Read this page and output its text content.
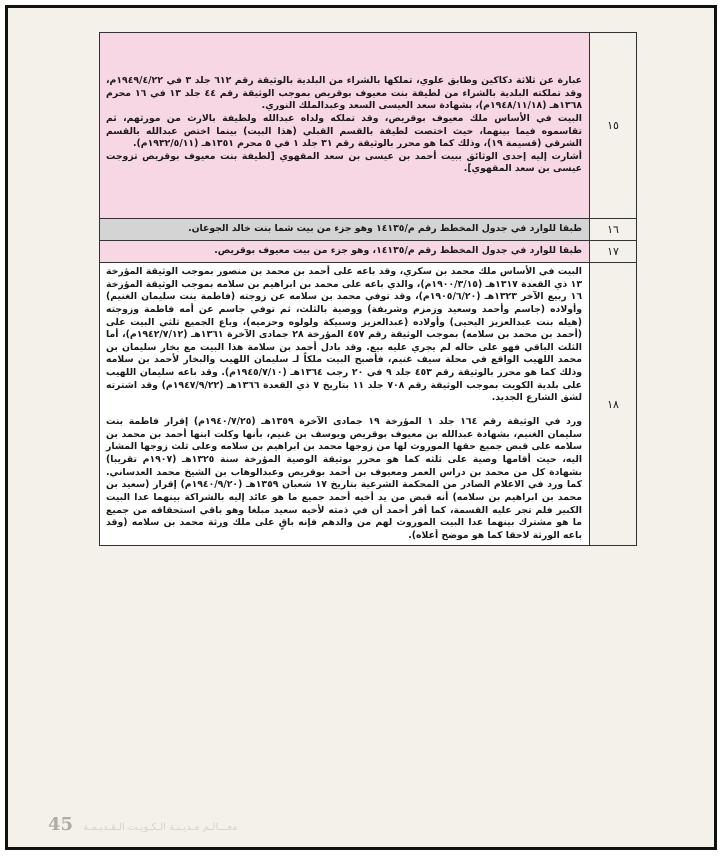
١٥	عبارة عن ثلاثة دكاكين وطابق علوي، تملكها بالشراء من البلدية بالوثيقة رقم ٦١٢ جلد ٣ في ١٩٤٩/٤/٢٢م، وقد تملكته البلدية بالشراء من لطيفة بنت معيوف بوقريص بموجب الوثيقة رقم ٤٤ جلد ١٣ في ١٦ محرم ١٣٦٨هـ (١٩٤٨/١١/١٨م)، بشهادة سعد العيسى السعد وعبدالملك النوري.

البيت في الأساس ملك معيوف بوقريص، وقد تملكه ولداه عبدالله ولطيفة بالارث من مورثهم، ثم تقاسموه فيما بينهما، حيث اختصت لطيفة بالقسم القبلي (هذا البيت) بينما اختص عبدالله بالقسم الشرقي (قسيمة ١٩)، وذلك كما هو محرر بالوثيقة رقم ٣١ جلد ١ في ٥ محرم ١٣٥١هـ (١٩٣٢/٥/١١م).

أشارت إليه إحدى الوثائق ببيت أحمد بن عيسى بن سعد المقهوي [لطيفة بنت معيوف بوقريص تزوجت عيسى بن سعد المقهوي].

١٦	طبقا للوارد في جدول المخطط رقم م/١٤١٣٥ وهو جزء من بيت شما بنت خالد الجوعان.

١٧	طبقا للوارد في جدول المخطط رقم م/١٤١٣٥، وهو جزء من بيت معيوف بوقريص.

١٨	البيت في الأساس ملك محمد بن سكري، وقد باعه على أحمد بن محمد بن منصور بموجب الوثيقة المؤرخة ١٣ ذي القعدة ١٣١٧هـ (١٩٠٠/٣/١٥م)، والذي باعه على محمد بن ابراهيم بن سلامه بموجب الوثيقة المؤرخة ١٦ ربيع الآخر ١٣٢٣هـ (١٩٠٥/٦/٢٠م)، وقد توفي محمد بن سلامه عن زوجته (فاطمة بنت سليمان الغنيم) وأولاده (جاسم وأحمد وسعيد وزمزم وشريفة) ووصية بالثلث، ثم توفي جاسم عن أمه فاطمة وزوجته (هيله بنت عبدالعزيز اليحيى) وأولاده (عبدالعزيز وسبيكة ولولوه وحزميه)، وباع الجميع ثلثي البيت على (أحمد بن محمد بن سلامه) بموجب الوثيقة رقم ٤٥٧ المؤرخة ٢٨ جمادى الآخرة ١٣٦١هـ (١٩٤٢/٧/١٢م)، أما الثلث الباقي فهو على حاله لم يجري عليه بيع. وقد بادل أحمد بن سلامة هذا البيت مع بخار سليمان بن محمد اللهيب الواقع في محلة سيف غنيم، فأصبح البيت ملكاً لـ سليمان اللهيب والبخار لأحمد بن سلامه وذلك كما هو محرر بالوثيقة رقم ٤٥٣ جلد ٩ في ٢٠ رجب ١٣٦٤هـ (١٩٤٥/٧/١٠م). وقد باعه سليمان اللهيب على بلدية الكويت بموجب الوثيقة رقم ٧٠٨ جلد ١١ بتاريخ ٧ ذي القعدة ١٣٦٦هـ (١٩٤٧/٩/٢٢م) وقد اشترته لشق الشارع الجديد.

ورد في الوثيقة رقم ١٦٤ جلد ١ المؤرخة ١٩ جمادى الآخرة ١٣٥٩هـ (١٩٤٠/٧/٢٥م) إقرار فاطمة بنت سليمان الغنيم، بشهادة عبدالله بن معيوف بوقريص ويوسف بن غنيم، بأنها وكلت ابنها أحمد بن محمد بن سلامه على قبض جميع حقها الموروث لها من زوجها محمد بن ابراهيم بن سلامه وعلى ثلث زوجها المشار اليه، حيث أقامها وصية على ثلثه كما هو محرر بوثيقة الوصية المؤرخة سنة ١٣٢٥هـ (١٩٠٧م تقريبا) بشهادة كل من محمد بن دراس العمر ومعيوف بن أحمد بوقريص وعبدالوهاب بن الشيخ محمد العدساني. كما ورد في الاعلام الصادر من المحكمة الشرعية بتاريخ ١٧ شعبان ١٣٥٩هـ (١٩٤٠/٩/٢٠م) إقرار (سعيد بن محمد بن ابراهيم بن سلامه) أنه قبض من يد أخيه أحمد جميع ما هو عائد إليه بالشراكة بينهما عدا البيت الكبير فلم تجر عليه القسمة، كما أقر أحمد أن في ذمته لأخيه سعيد مبلغا وهو باقي استحقاقه من جميع ما هو مشترك بينهما عدا البيت الموروث لهم من والدهم فإنه باقٍ على ملك ورثة محمد بن سلامه (وقد باعه الورثة لاحقا كما هو موضح أعلاه).

45 معـــالـم مـديـنـة الـكـويـت الـقـديـمـة
